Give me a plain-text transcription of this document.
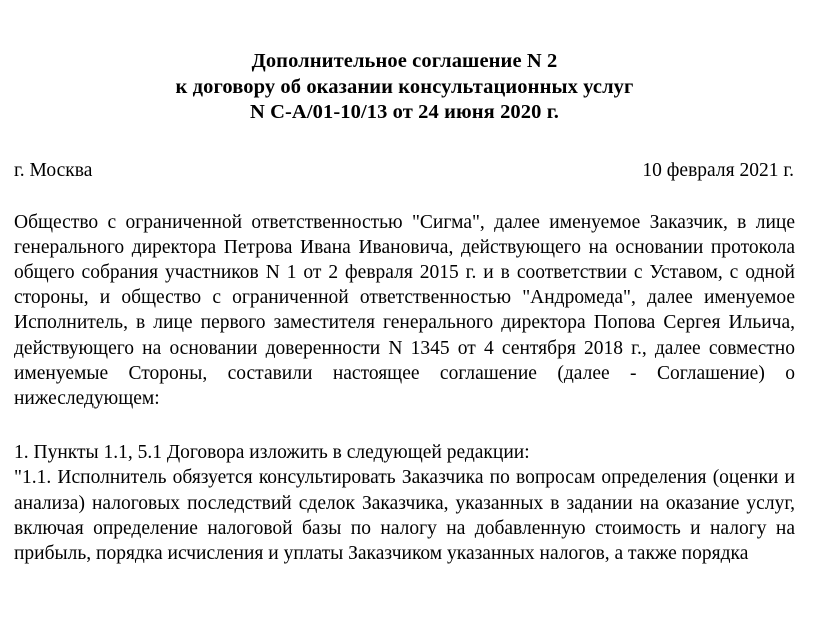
Дополнительное соглашение N 2
к договору об оказании консультационных услуг
N С-А/01-10/13 от 24 июня 2020 г.
г. Москва	10 февраля 2021 г.

Общество с ограниченной ответственностью "Сигма", далее именуемое Заказчик, в лице генерального директора Петрова Ивана Ивановича, действующего на основании протокола общего собрания участников N 1 от 2 февраля 2015 г. и в соответствии с Уставом, с одной стороны, и общество с ограниченной ответственностью "Андромеда", далее именуемое Исполнитель, в лице первого заместителя генерального директора Попова Сергея Ильича, действующего на основании доверенности N 1345 от 4 сентября 2018 г., далее совместно именуемые Стороны, составили настоящее соглашение (далее - Соглашение) о нижеследующем:

1. Пункты 1.1, 5.1 Договора изложить в следующей редакции:

"1.1. Исполнитель обязуется консультировать Заказчика по вопросам определения (оценки и анализа) налоговых последствий сделок Заказчика, указанных в задании на оказание услуг, включая определение налоговой базы по налогу на добавленную стоимость и налогу на прибыль, порядка исчисления и уплаты Заказчиком указанных налогов, а также порядка
